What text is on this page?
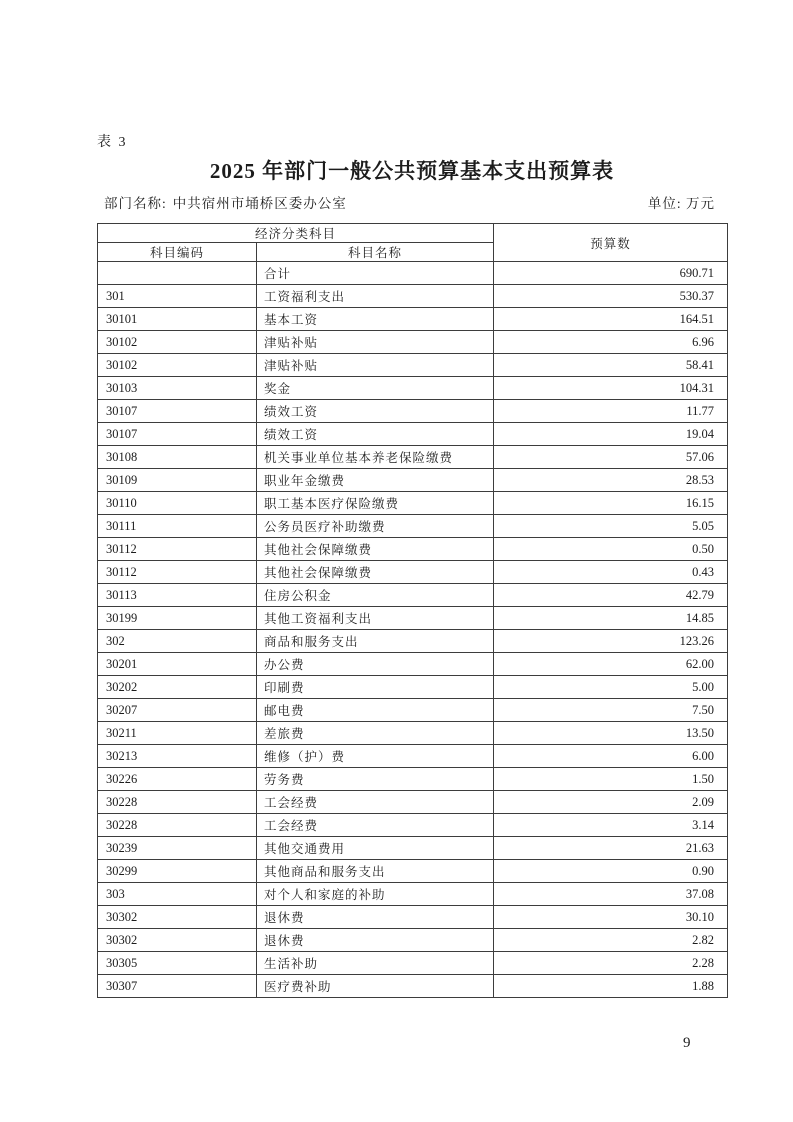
表 3
2025 年部门一般公共预算基本支出预算表
部门名称: 中共宿州市埇桥区委办公室	单位: 万元
经济分类科目		预算数
科目编码	科目名称	
	合计	690.71
301	工资福利支出	530.37
30101	基本工资	164.51
30102	津贴补贴	6.96
30102	津贴补贴	58.41
30103	奖金	104.31
30107	绩效工资	11.77
30107	绩效工资	19.04
30108	机关事业单位基本养老保险缴费	57.06
30109	职业年金缴费	28.53
30110	职工基本医疗保险缴费	16.15
30111	公务员医疗补助缴费	5.05
30112	其他社会保障缴费	0.50
30112	其他社会保障缴费	0.43
30113	住房公积金	42.79
30199	其他工资福利支出	14.85
302	商品和服务支出	123.26
30201	办公费	62.00
30202	印刷费	5.00
30207	邮电费	7.50
30211	差旅费	13.50
30213	维修（护）费	6.00
30226	劳务费	1.50
30228	工会经费	2.09
30228	工会经费	3.14
30239	其他交通费用	21.63
30299	其他商品和服务支出	0.90
303	对个人和家庭的补助	37.08
30302	退休费	30.10
30302	退休费	2.82
30305	生活补助	2.28
30307	医疗费补助	1.88
9
